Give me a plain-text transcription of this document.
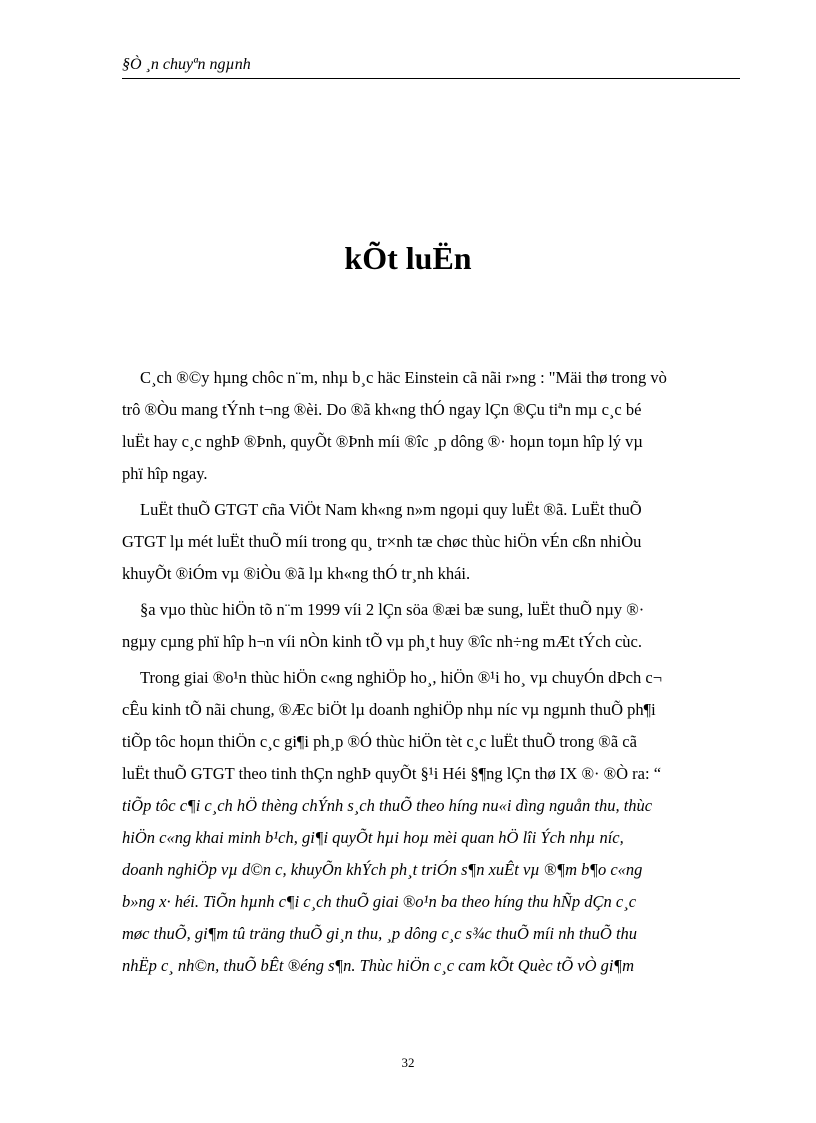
§Ò ¸n chuyªn ngµnh
kÕt luËn
C¸ch ®©y hµng chôc n¨m, nhµ b¸c häc Einstein cã nãi r»ng : "Mäi thø trong vò
trô ®Òu mang tÝnh t¬ng ®èi. Do ®ã kh«ng thÓ ngay lÇn ®Çu tiªn mµ c¸c bé
luËt hay c¸c nghÞ ®Þnh, quyÕt ®Þnh míi ®îc ¸p dông ®· hoµn toµn hîp lý vµ
phï hîp ngay.
LuËt thuÕ GTGT cña ViÖt Nam kh«ng n»m ngoµi quy luËt ®ã. LuËt thuÕ
GTGT lµ mét luËt thuÕ míi trong qu¸ tr×nh tæ chøc thùc hiÖn vÉn cßn nhiÒu
khuyÕt ®iÓm vµ ®iÒu ®ã lµ kh«ng thÓ tr¸nh khái.
§a vµo thùc hiÖn tõ n¨m 1999 víi 2 lÇn söa ®æi bæ sung, luËt thuÕ nµy ®·
ngµy cµng phï hîp h¬n víi nÒn kinh tÕ vµ ph¸t huy ®îc nh÷ng mÆt tÝch cùc.
Trong giai ®o¹n thùc hiÖn c«ng nghiÖp ho¸, hiÖn ®¹i ho¸ vµ chuyÓn dÞch c¬
cÊu kinh tÕ nãi chung, ®Æc biÖt lµ doanh nghiÖp nhµ níc vµ ngµnh thuÕ ph¶i
tiÕp tôc hoµn thiÖn c¸c gi¶i ph¸p ®Ó thùc hiÖn tèt c¸c luËt thuÕ trong ®ã cã
luËt thuÕ GTGT theo tinh thÇn nghÞ quyÕt §¹i Héi §¶ng lÇn thø IX ®· ®Ò ra: “
tiÕp tôc c¶i c¸ch hÖ thèng chÝnh s¸ch thuÕ theo híng nu«i dìng nguån thu, thùc
hiÖn c«ng khai minh b¹ch, gi¶i quyÕt hµi hoµ mèi quan hÖ lîi Ých nhµ níc,
doanh nghiÖp vµ d©n c, khuyÕn khÝch ph¸t triÓn s¶n xuÊt vµ ®¶m b¶o c«ng
b»ng x· héi. TiÕn hµnh c¶i c¸ch thuÕ giai ®o¹n ba theo híng thu hÑp dÇn c¸c
møc thuÕ, gi¶m tû träng thuÕ gi¸n thu, ¸p dông c¸c s¾c thuÕ míi nh thuÕ thu
nhËp c¸ nh©n, thuÕ bÊt ®éng s¶n. Thùc hiÖn c¸c cam kÕt Quèc tÕ vÒ gi¶m
32
